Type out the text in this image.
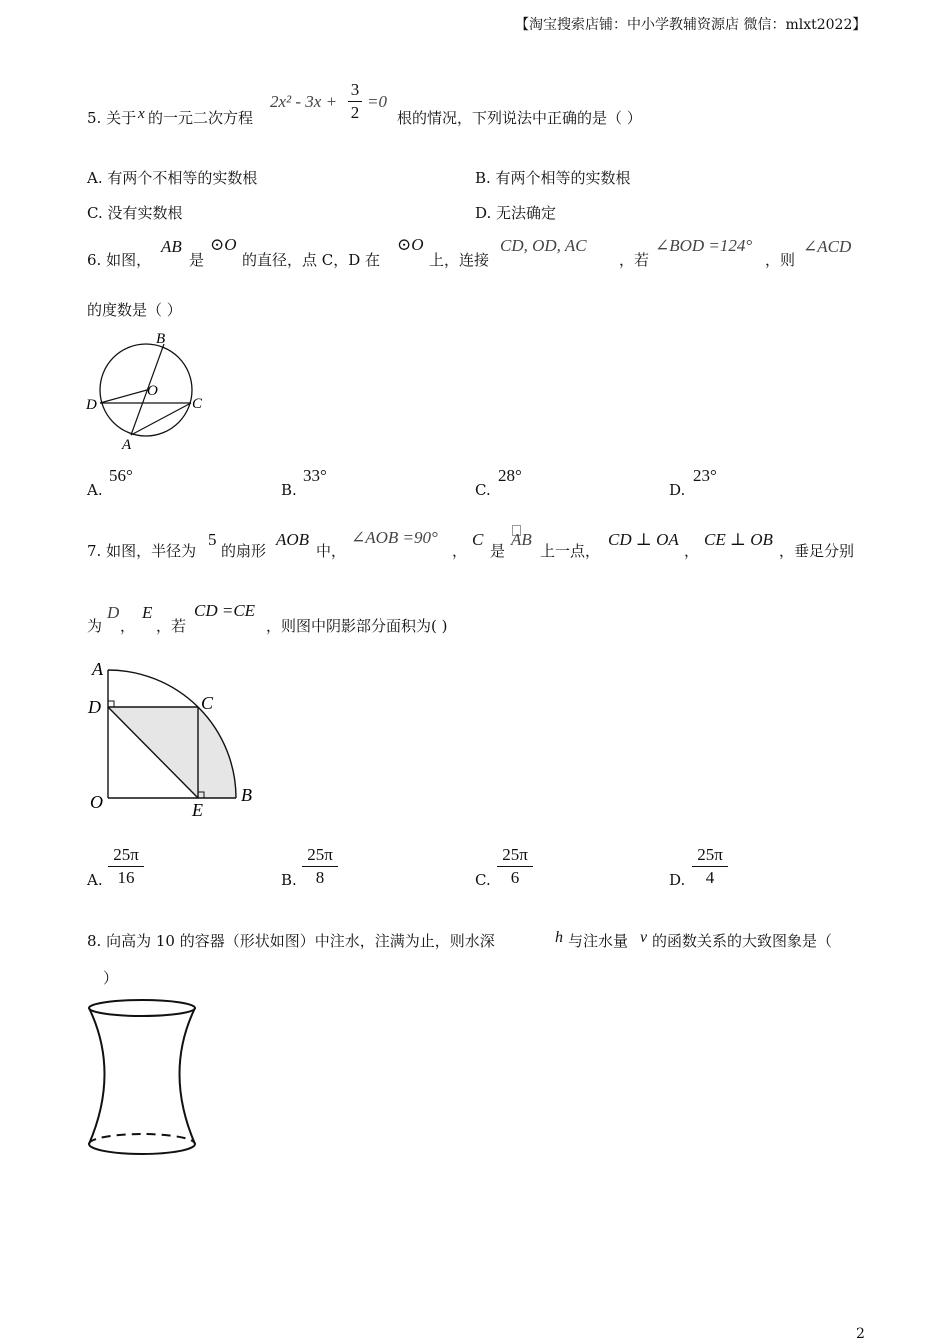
【淘宝搜索店铺：中小学教辅资源店 微信：mlxt2022】
5. 关于 x 的一元二次方程
2x² - 3x +
3
2
=0
根的情况，下列说法中正确的是（ ）
A. 有两个不相等的实数根	B. 有两个相等的实数根
C. 没有实数根	D. 无法确定
6. 如图，
AB
是
⊙O
的直径，点 C，D 在
⊙O
上，连接
CD, OD, AC
，若
∠BOD =124°
，则
∠ACD
的度数是（ ）
B
O
D	C
A
A.
56°
B.
33°
C.
28°
D.
23°
7. 如图，半径为
5
的扇形
AOB
中，
∠AOB =90°
，
C
是
AB
上一点，
CD ⊥ OA
，
CE ⊥ OB
，垂足分别
为
D
，
E
，若
CD =CE
，则图中阴影部分面积为( )
A
D	C
O	E
B
A.
25π
16	B.
25π
8	C.
25π
6	D.
25π
4
8. 向高为 10 的容器（形状如图）中注水，注满为止，则水深	h 与注水量 v 的函数关系的大致图象是（
）
2
